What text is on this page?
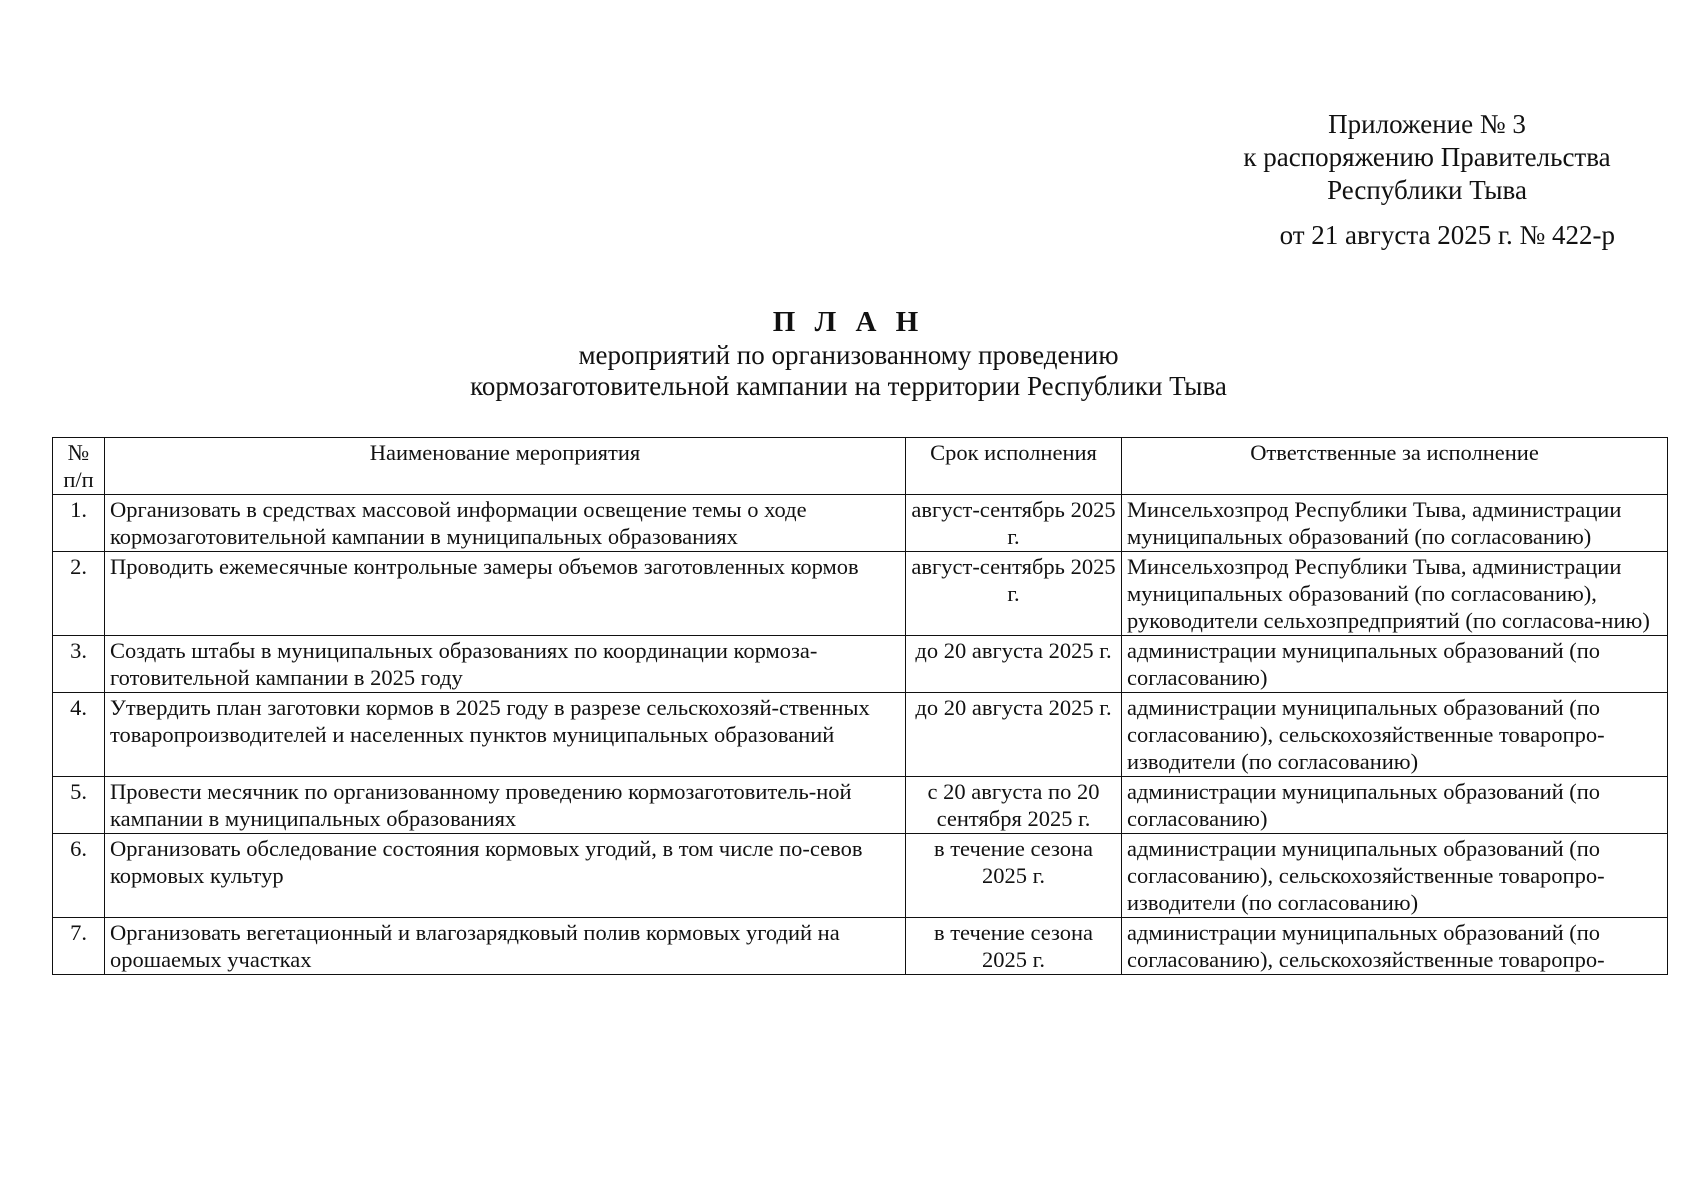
Приложение № 3
к распоряжению Правительства
Республики Тыва
от 21 августа 2025 г. № 422-р
П Л А Н
мероприятий по организованному проведению
кормозаготовительной кампании на территории Республики Тыва
№ п/п	Наименование мероприятия	Срок исполнения	Ответственные за исполнение
1.	Организовать в средствах массовой информации освещение темы о ходе кормозаготовительной кампании в муниципальных образованиях	август-сентябрь 2025 г.	Минсельхозпрод Республики Тыва, администрации муниципальных образований (по согласованию)
2.	Проводить ежемесячные контрольные замеры объемов заготовленных кормов	август-сентябрь 2025 г.	Минсельхозпрод Республики Тыва, администрации муниципальных образований (по согласованию), руководители сельхозпредприятий (по согласова-нию)
3.	Создать штабы в муниципальных образованиях по координации кормоза-готовительной кампании в 2025 году	до 20 августа 2025 г.	администрации муниципальных образований (по согласованию)
4.	Утвердить план заготовки кормов в 2025 году в разрезе сельскохозяй-ственных товаропроизводителей и населенных пунктов муниципальных образований	до 20 августа 2025 г.	администрации муниципальных образований (по согласованию), сельскохозяйственные товаропро-изводители (по согласованию)
5.	Провести месячник по организованному проведению кормозаготовитель-ной кампании в муниципальных образованиях	с 20 августа по 20 сентября 2025 г.	администрации муниципальных образований (по согласованию)
6.	Организовать обследование состояния кормовых угодий, в том числе по-севов кормовых культур	в течение сезона 2025 г.	администрации муниципальных образований (по согласованию), сельскохозяйственные товаропро-изводители (по согласованию)
7.	Организовать вегетационный и влагозарядковый полив кормовых угодий на орошаемых участках	в течение сезона 2025 г.	администрации муниципальных образований (по согласованию), сельскохозяйственные товаропро-
